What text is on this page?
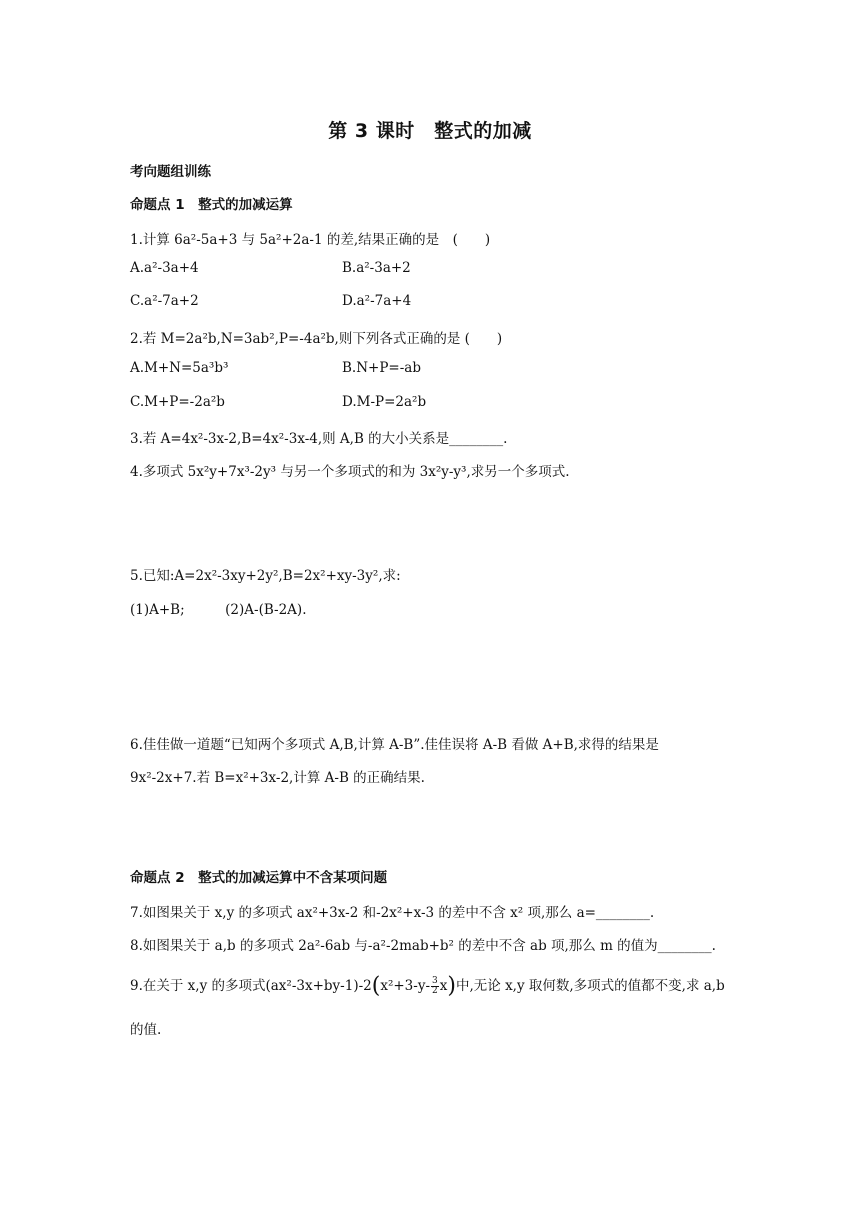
第 3 课时　整式的加减
考向题组训练
命题点 1　整式的加减运算
1.计算 6a²-5a+3 与 5a²+2a-1 的差,结果正确的是　(　　)
A.a²-3a+4	B.a²-3a+2
C.a²-7a+2	D.a²-7a+4
2.若 M=2a²b,N=3ab²,P=-4a²b,则下列各式正确的是 (　　)
A.M+N=5a³b³	B.N+P=-ab
C.M+P=-2a²b	D.M-P=2a²b
3.若 A=4x²-3x-2,B=4x²-3x-4,则 A,B 的大小关系是________.
4.多项式 5x²y+7x³-2y³ 与另一个多项式的和为 3x²y-y³,求另一个多项式.
5.已知:A=2x²-3xy+2y²,B=2x²+xy-3y²,求:
(1)A+B;　　　(2)A-(B-2A).
6.佳佳做一道题“已知两个多项式 A,B,计算 A-B”.佳佳误将 A-B 看做 A+B,求得的结果是
9x²-2x+7.若 B=x²+3x-2,计算 A-B 的正确结果.
命题点 2　整式的加减运算中不含某项问题
7.如图果关于 x,y 的多项式 ax²+3x-2 和-2x²+x-3 的差中不含 x² 项,那么 a=________.
8.如图果关于 a,b 的多项式 2a²-6ab 与-a²-2mab+b² 的差中不含 ab 项,那么 m 的值为________.
9.在关于 x,y 的多项式$(ax^2-3x+by-1)-2(x^2+3-y- \frac{3}{2} x)$中,无论 x,y 取何数,多项式的值都不变,求 a,b
的值.
